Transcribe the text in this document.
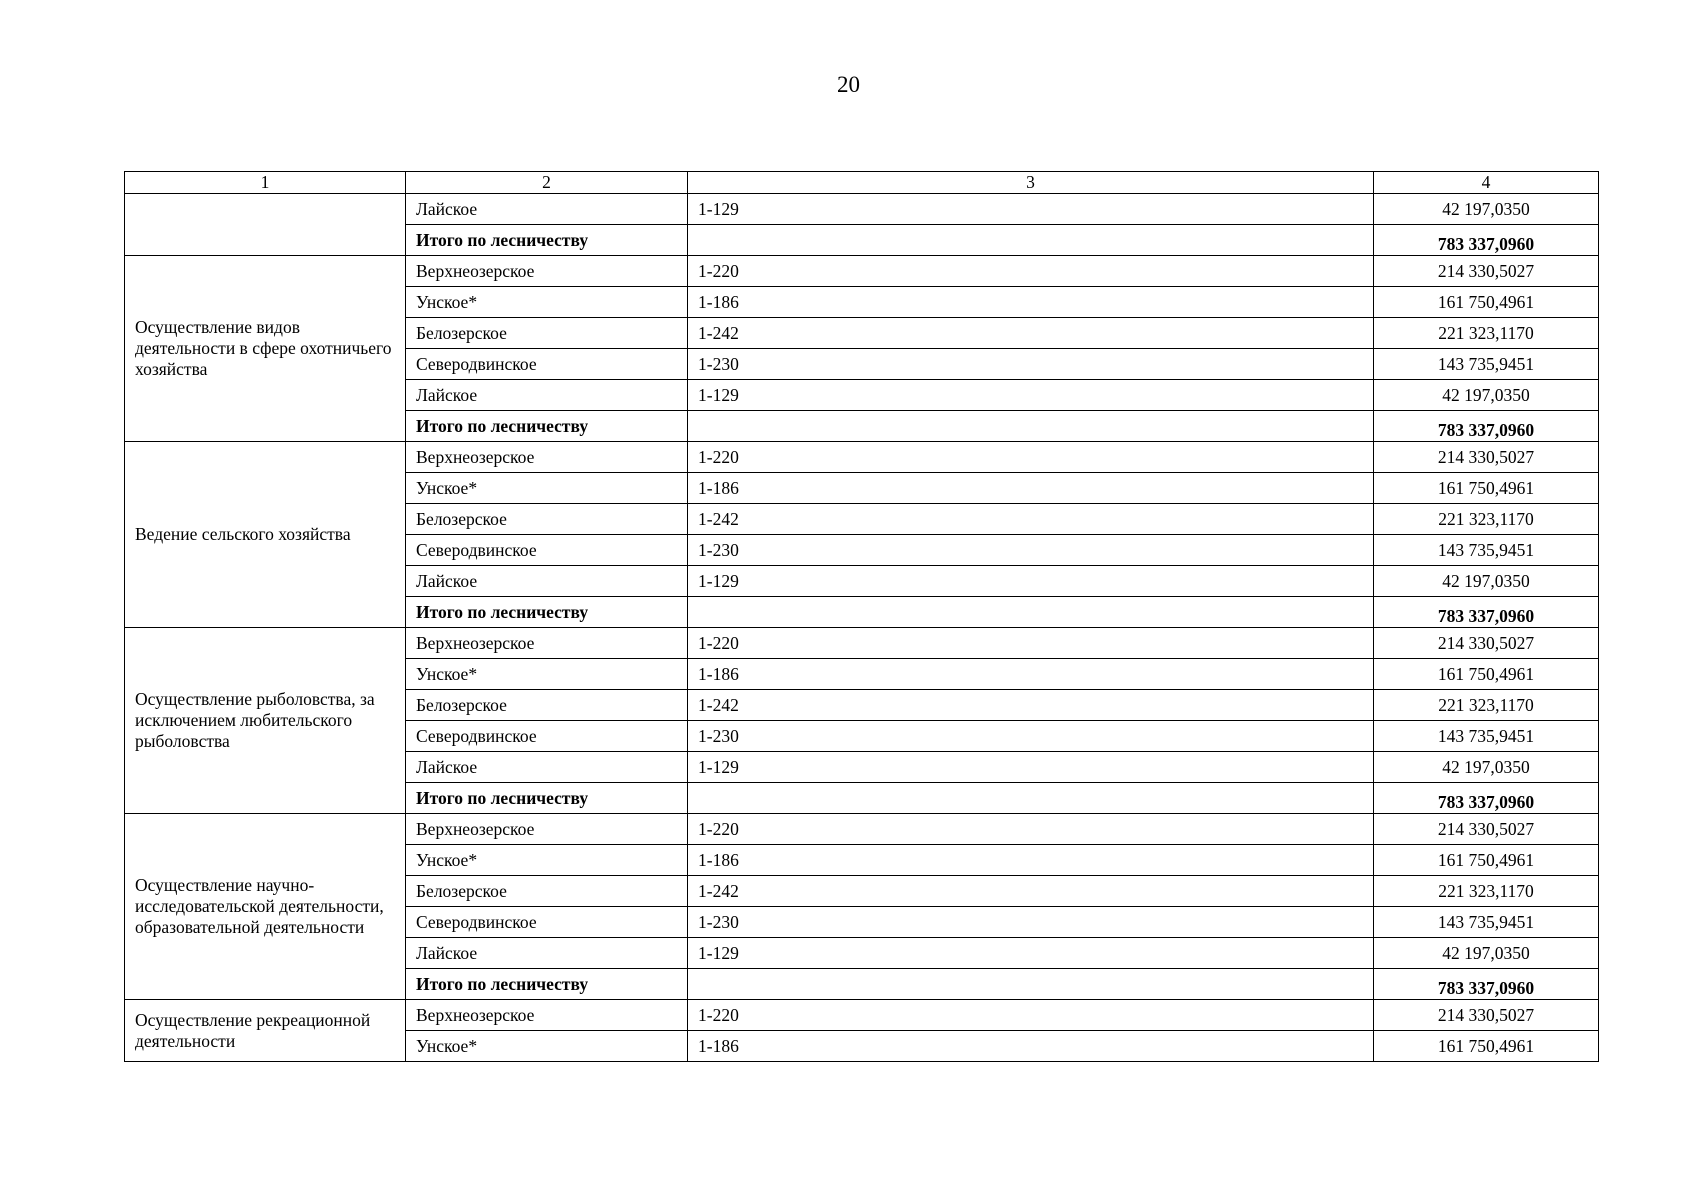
20
1	2	3	4
	Лайское	1-129	42 197,0350
	Итого по лесничеству		783 337,0960
Осуществление видов деятельности в сфере охотничьего хозяйства	Верхнеозерское	1-220	214 330,5027
	Унское*	1-186	161 750,4961
	Белозерское	1-242	221 323,1170
	Северодвинское	1-230	143 735,9451
	Лайское	1-129	42 197,0350
	Итого по лесничеству		783 337,0960
Ведение сельского хозяйства	Верхнеозерское	1-220	214 330,5027
	Унское*	1-186	161 750,4961
	Белозерское	1-242	221 323,1170
	Северодвинское	1-230	143 735,9451
	Лайское	1-129	42 197,0350
	Итого по лесничеству		783 337,0960
Осуществление рыболовства, за исключением любительского рыболовства	Верхнеозерское	1-220	214 330,5027
	Унское*	1-186	161 750,4961
	Белозерское	1-242	221 323,1170
	Северодвинское	1-230	143 735,9451
	Лайское	1-129	42 197,0350
	Итого по лесничеству		783 337,0960
Осуществление научно-исследовательской деятельности, образовательной деятельности	Верхнеозерское	1-220	214 330,5027
	Унское*	1-186	161 750,4961
	Белозерское	1-242	221 323,1170
	Северодвинское	1-230	143 735,9451
	Лайское	1-129	42 197,0350
	Итого по лесничеству		783 337,0960
Осуществление рекреационной деятельности	Верхнеозерское	1-220	214 330,5027
	Унское*	1-186	161 750,4961
